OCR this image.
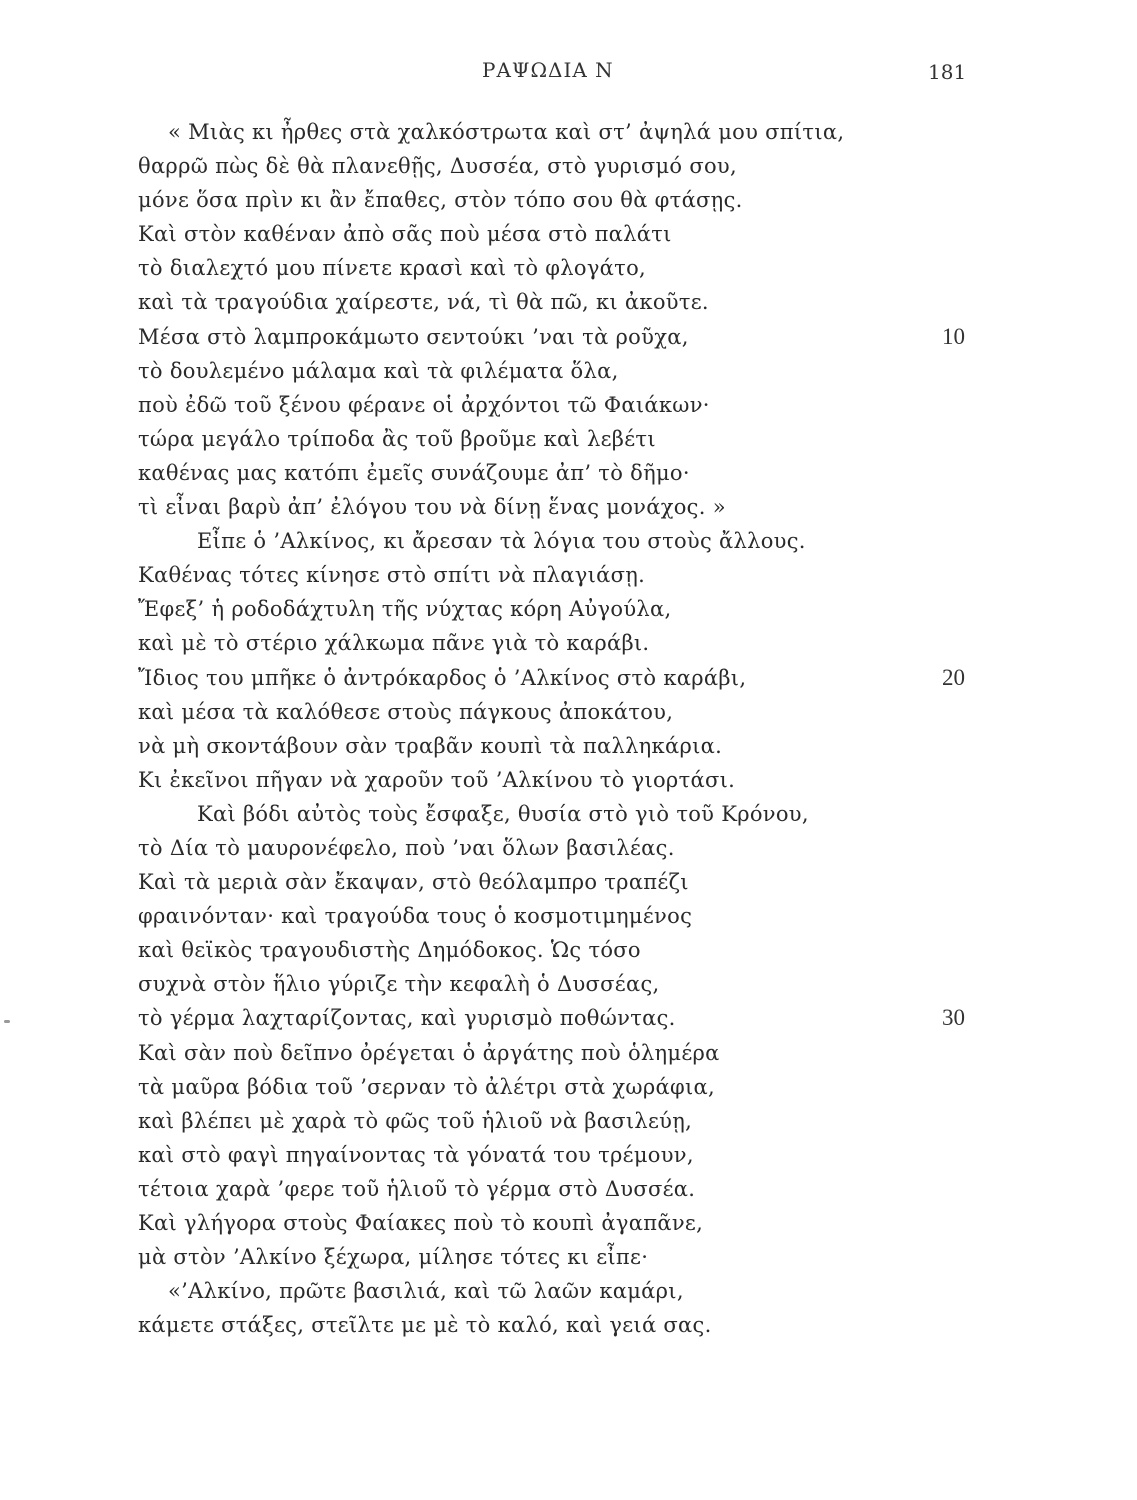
ΡΑΨΩΔΙΑ Ν	181
« Μιὰς κι ἦρθες στὰ χαλκόστρωτα καὶ στ’ ἀψηλά μου σπίτια,
θαρρῶ πὼς δὲ θὰ πλανεθῇς, Δυσσέα, στὸ γυρισμό σου,
μόνε ὅσα πρὶν κι ἂν ἔπαθες, στὸν τόπο σου θὰ φτάσῃς.
Καὶ στὸν καθέναν ἀπὸ σᾶς ποὺ μέσα στὸ παλάτι
τὸ διαλεχτό μου πίνετε κρασὶ καὶ τὸ φλογάτο,
καὶ τὰ τραγούδια χαίρεστε, νά, τὶ θὰ πῶ, κι ἀκοῦτε.
Μέσα στὸ λαμπροκάμωτο σεντούκι ’ναι τὰ ροῦχα,	10
τὸ δουλεμένο μάλαμα καὶ τὰ φιλέματα ὅλα,
ποὺ ἐδῶ τοῦ ξένου φέρανε οἱ ἀρχόντοι τῶ Φαιάκων·
τώρα μεγάλο τρίποδα ἂς τοῦ βροῦμε καὶ λεβέτι
καθένας μας κατόπι ἐμεῖς συνάζουμε ἀπ’ τὸ δῆμο·
τὶ εἶναι βαρὺ ἀπ’ ἐλόγου του νὰ δίνῃ ἕνας μονάχος. »
Εἶπε ὁ ’Αλκίνος, κι ἄρεσαν τὰ λόγια του στοὺς ἄλλους.
Καθένας τότες κίνησε στὸ σπίτι νὰ πλαγιάσῃ.
Ἔφεξ’ ἡ ροδοδάχτυλη τῆς νύχτας κόρη Αὐγούλα,
καὶ μὲ τὸ στέριο χάλκωμα πᾶνε γιὰ τὸ καράβι.
Ἴδιος του μπῆκε ὁ ἀντρόκαρδος ὁ ’Αλκίνος στὸ καράβι,	20
καὶ μέσα τὰ καλόθεσε στοὺς πάγκους ἀποκάτου,
νὰ μὴ σκοντάβουν σὰν τραβᾶν κουπὶ τὰ παλληκάρια.
Κι ἐκεῖνοι πῆγαν νὰ χαροῦν τοῦ ’Αλκίνου τὸ γιορτάσι.
Καὶ βόδι αὐτὸς τοὺς ἔσφαξε, θυσία στὸ γιὸ τοῦ Κρόνου,
τὸ Δία τὸ μαυρονέφελο, ποὺ ’ναι ὅλων βασιλέας.
Καὶ τὰ μεριὰ σὰν ἔκαψαν, στὸ θεόλαμπρο τραπέζι
φραινόνταν· καὶ τραγούδα τους ὁ κοσμοτιμημένος
καὶ θεϊκὸς τραγουδιστὴς Δημόδοκος. Ὡς τόσο
συχνὰ στὸν ἥλιο γύριζε τὴν κεφαλὴ ὁ Δυσσέας,
τὸ γέρμα λαχταρίζοντας, καὶ γυρισμὸ ποθώντας.	30
Καὶ σὰν ποὺ δεῖπνο ὀρέγεται ὁ ἀργάτης ποὺ ὁλημέρα
τὰ μαῦρα βόδια τοῦ ’σερναν τὸ ἀλέτρι στὰ χωράφια,
καὶ βλέπει μὲ χαρὰ τὸ φῶς τοῦ ἡλιοῦ νὰ βασιλεύῃ,
καὶ στὸ φαγὶ πηγαίνοντας τὰ γόνατά του τρέμουν,
τέτοια χαρὰ ’φερε τοῦ ἡλιοῦ τὸ γέρμα στὸ Δυσσέα.
Καὶ γλήγορα στοὺς Φαίακες ποὺ τὸ κουπὶ ἀγαπᾶνε,
μὰ στὸν ’Αλκίνο ξέχωρα, μίλησε τότες κι εἶπε·
«’Αλκίνο, πρῶτε βασιλιά, καὶ τῶ λαῶν καμάρι,
κάμετε στάξες, στεῖλτε με μὲ τὸ καλό, καὶ γειά σας.
